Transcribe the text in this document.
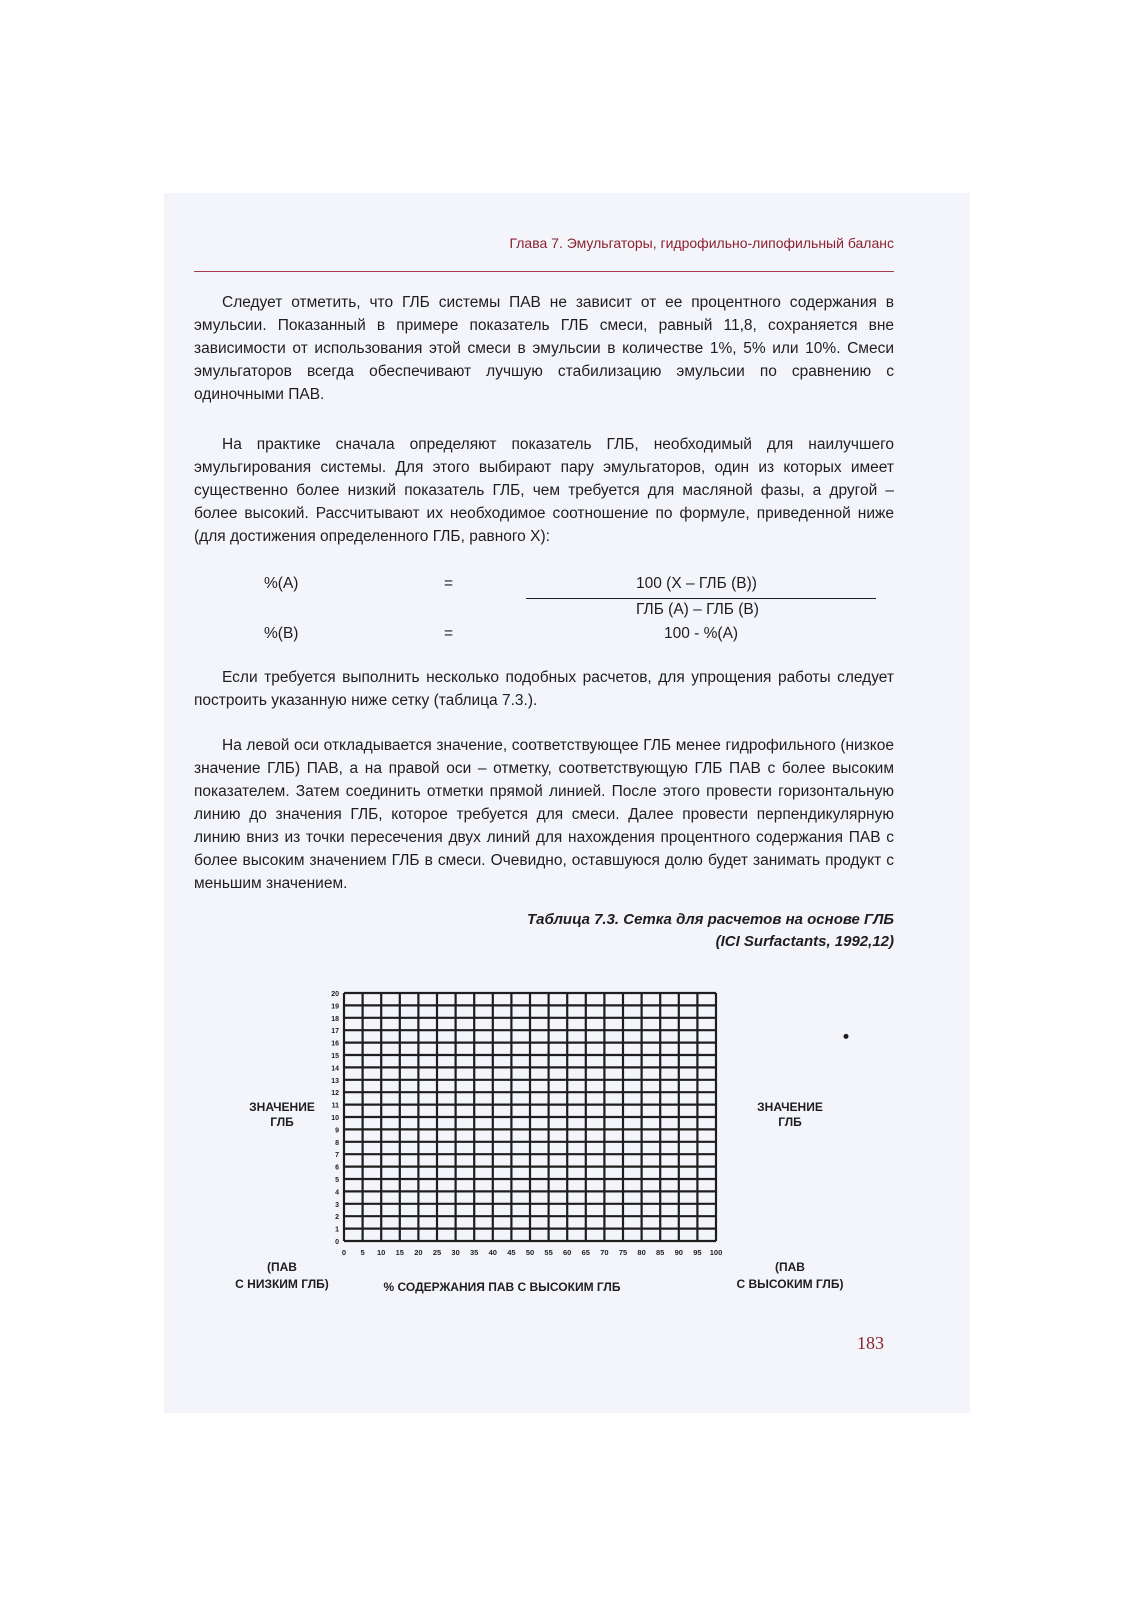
Глава 7. Эмульгаторы, гидрофильно-липофильный баланс

Следует отметить, что ГЛБ системы ПАВ не зависит от ее процентного содержания в эмульсии. Показанный в примере показатель ГЛБ смеси, равный 11,8, сохраняется вне зависимости от использования этой смеси в эмульсии в количестве 1%, 5% или 10%. Смеси эмульгаторов всегда обеспечивают лучшую стабилизацию эмульсии по сравнению с одиночными ПАВ.

На практике сначала определяют показатель ГЛБ, необходимый для наилучшего эмульгирования системы. Для этого выбирают пару эмульгаторов, один из которых имеет существенно более низкий показатель ГЛБ, чем требуется для масляной фазы, а другой – более высокий. Рассчитывают их необходимое соотношение по формуле, приведенной ниже (для достижения определенного ГЛБ, равного Х):

%(A)	=	100 (X – ГЛБ (B))
ГЛБ (A) – ГЛБ (B)
%(B)	=	100 - %(A)

Если требуется выполнить несколько подобных расчетов, для упрощения работы следует построить указанную ниже сетку (таблица 7.3.).

На левой оси откладывается значение, соответствующее ГЛБ менее гидрофильного (низкое значение ГЛБ) ПАВ, а на правой оси – отметку, соответствующую ГЛБ ПАВ с более высоким показателем. Затем соединить отметки прямой линией. После этого провести горизонтальную линию до значения ГЛБ, которое требуется для смеси. Далее провести перпендикулярную линию вниз из точки пересечения двух линий для нахождения процентного содержания ПАВ с более высоким значением ГЛБ в смеси. Очевидно, оставшуюся долю будет занимать продукт с меньшим значением.

Таблица 7.3. Сетка для расчетов на основе ГЛБ
(ICI Surfactants, 1992,12)
0 5 10 15 20 25 30 35 40 45 50 55 60 65 70 75 80 85 90 95 100
0
1
2
3
4
5
6
7
8
9
10
11
12
13
14
15
16
17
18
19
20
ЗНАЧЕНИЕ
ГЛБ
ЗНАЧЕНИЕ
ГЛБ
(ПАВ
С НИЗКИМ ГЛБ)
(ПАВ
С ВЫСОКИМ ГЛБ)
% СОДЕРЖАНИЯ ПАВ С ВЫСОКИМ ГЛБ
183
